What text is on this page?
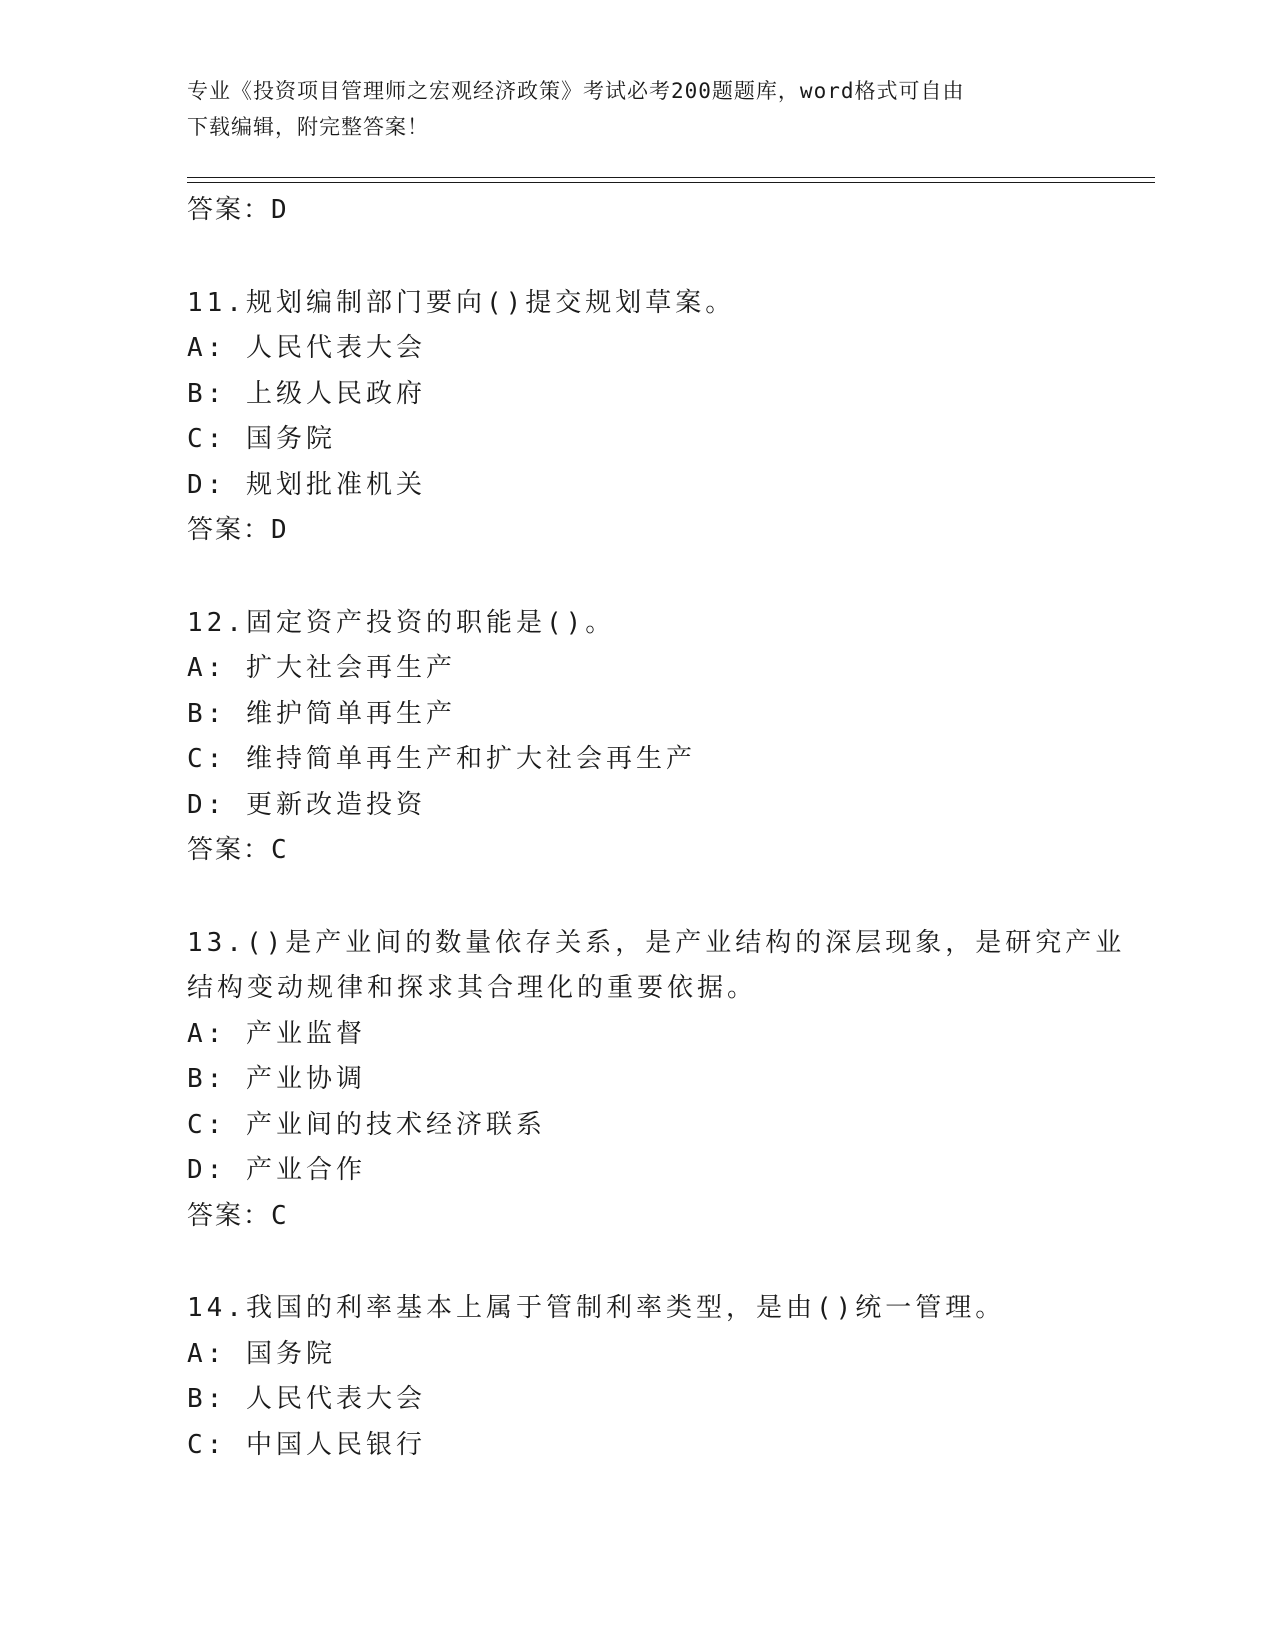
专业《投资项目管理师之宏观经济政策》考试必考200题题库，word格式可自由
下载编辑，附完整答案！
答案：D
11.规划编制部门要向()提交规划草案。
A: 人民代表大会
B: 上级人民政府
C: 国务院
D: 规划批准机关
答案：D
12.固定资产投资的职能是()。
A: 扩大社会再生产
B: 维护简单再生产
C: 维持简单再生产和扩大社会再生产
D: 更新改造投资
答案：C
13.()是产业间的数量依存关系，是产业结构的深层现象，是研究产业
结构变动规律和探求其合理化的重要依据。
A: 产业监督
B: 产业协调
C: 产业间的技术经济联系
D: 产业合作
答案：C
14.我国的利率基本上属于管制利率类型，是由()统一管理。
A: 国务院
B: 人民代表大会
C: 中国人民银行
